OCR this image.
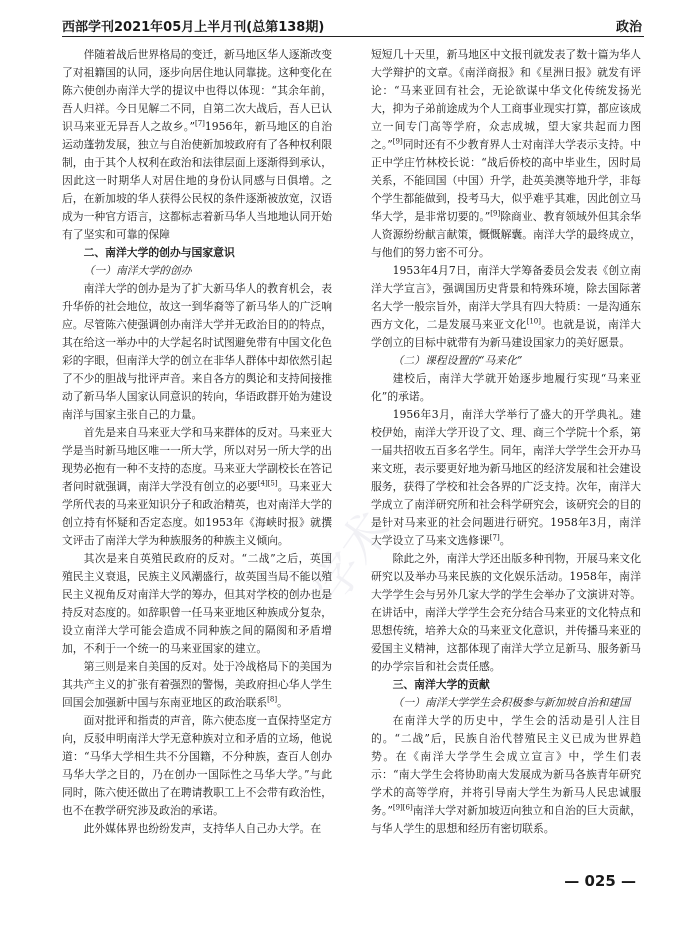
西部学刊2021年05月上半月刊(总第138期)	政治

伴随着战后世界格局的变迁，新马地区华人逐渐改变了对祖籍国的认同，逐步向居住地认同靠拢。这种变化在陈六使创办南洋大学的提议中也得以体现：“其余年前，吾人归祥。今日见解二不同，自第二次大战后，吾人已认识马来亚无异吾人之故乡。”[7]1956年，新马地区的自治运动蓬勃发展，独立与自治使新加坡政府有了各种权利限制，由于其个人权利在政治和法律层面上逐渐得到承认，因此这一时期华人对居住地的身份认同感与日俱增。之后，在新加坡的华人获得公民权的条件逐渐被放宽，汉语成为一种官方语言，这都标志着新马华人当地地认同开始有了坚实和可靠的保障

二、南洋大学的创办与国家意识
（一）南洋大学的创办

南洋大学的创办是为了扩大新马华人的教育机会，表升华侨的社会地位，故这一到华裔等了新马华人的广泛响应。尽管陈六使强调创办南洋大学并无政治目的的特点，其在给这一举办中的大学起名时试图避免带有中国文化色彩的字眼，但南洋大学的创立在非华人群体中却依然引起了不少的胆战与批评声音。来自各方的舆论和支持间接推动了新马华人国家认同意识的转向，华语政群开始为建设南洋与国家主张自己的力量。

首先是来自马来亚大学和马来群体的反对。马来亚大学是当时新马地区唯一一所大学，所以对另一所大学的出现势必抱有一种不支持的态度。马来亚大学副校长在答记者问时就强调，南洋大学没有创立的必要[4][5]。马来亚大学所代表的马来亚知识分子和政治精英，也对南洋大学的创立持有怀疑和否定态度。如1953年《海峡时报》就撰文评击了南洋大学为种族服务的种族主义倾向。

其次是来自英殖民政府的反对。“二战”之后，英国殖民主义衰退，民族主义风潮盛行，故英国当局不能以殖民主义视角反对南洋大学的筹办，但其对学校的创办也是持反对态度的。如辞职曾一任马来亚地区种族成分复杂，设立南洋大学可能会造成不同种族之间的隔阂和矛盾增加，不利于一个统一的马来亚国家的建立。

第三则是来自美国的反对。处于冷战格局下的美国为其共产主义的扩张有着强烈的警惕，美政府担心华人学生回国会加强新中国与东南亚地区的政治联系[8]。

面对批评和指责的声音，陈六使态度一直保持坚定方向，反驳申明南洋大学无意种族对立和矛盾的立场，他说道：“马华大学相生共不分国籍，不分种族，查百人创办马华大学之目的，乃在创办一国际性之马华大学。”与此同时，陈六使还做出了在聘请教职工上不会带有政治性，也不在教学研究涉及政治的承诺。

此外媒体界也纷纷发声，支持华人自己办大学。在

短短几十天里，新马地区中文报刊就发表了数十篇为华人大学辩护的文章。《南洋商报》和《星洲日报》就发有评论：“马来亚回有社会，无论欲谋中华文化传统发扬光大，抑为子弟前途成为个人工商事业现实打算，都应该成立一间专门高等学府，众志成城，望大家共起而力图之。”[9]同时还有不少教育界人士对南洋大学表示支持。中正中学庄竹林校长说：“战后侨校的高中毕业生，因时局关系，不能回国（中国）升学，赴英美澳等地升学，非每个学生都能做到，投考马大，似乎难乎其难，因此创立马华大学，是非常切要的。”[9]除商业、教育领域外但其余华人资源纷纷献言献策，慨慨解囊。南洋大学的最终成立，与他们的努力密不可分。

1953年4月7日，南洋大学筹备委员会发表《创立南洋大学宣言》，强调国历史背景和特殊环境，除去国际著名大学一般宗旨外，南洋大学具有四大特质：一是沟通东西方文化，二是发展马来亚文化[10]。也就是说，南洋大学创立的目标中就带有为新马建设国家力的美好愿景。

（二）课程设置的“马来化”

建校后，南洋大学就开始逐步地履行实现“马来亚化”的承诺。

1956年3月，南洋大学举行了盛大的开学典礼。建校伊始，南洋大学开设了文、理、商三个学院十个系，第一届共招收五百多名学生。同年，南洋大学学生会开办马来文班，表示要更好地为新马地区的经济发展和社会建设服务，获得了学校和社会各界的广泛支持。次年，南洋大学成立了南洋研究所和社会科学研究会，该研究会的目的是针对马来亚的社会问题进行研究。1958年3月，南洋大学设立了马来文选修课[7]。

除此之外，南洋大学还出版多种刊物，开展马来文化研究以及举办马来民族的文化娱乐活动。1958年，南洋大学学生会与另外几家大学的学生会举办了文演讲对等。在讲话中，南洋大学学生会充分结合马来亚的文化特点和思想传统，培养大众的马来亚文化意识，并传播马来亚的爱国主义精神，这都体现了南洋大学立足新马、服务新马的办学宗旨和社会责任感。

三、南洋大学的贡献
（一）南洋大学学生会积极参与新加坡自治和建国

在南洋大学的历史中，学生会的活动是引人注目的。“二战”后，民族自治代替殖民主义已成为世界趋势。在《南洋大学学生会成立宣言》中，学生们表示：“南大学生会将协助南大发展成为新马各族青年研究学术的高等学府，并将引导南大学生为新马人民忠诚服务。”[9][6]南洋大学对新加坡迈向独立和自治的巨大贡献，与华人学生的思想和经历有密切联系。

学术
— 025 —
